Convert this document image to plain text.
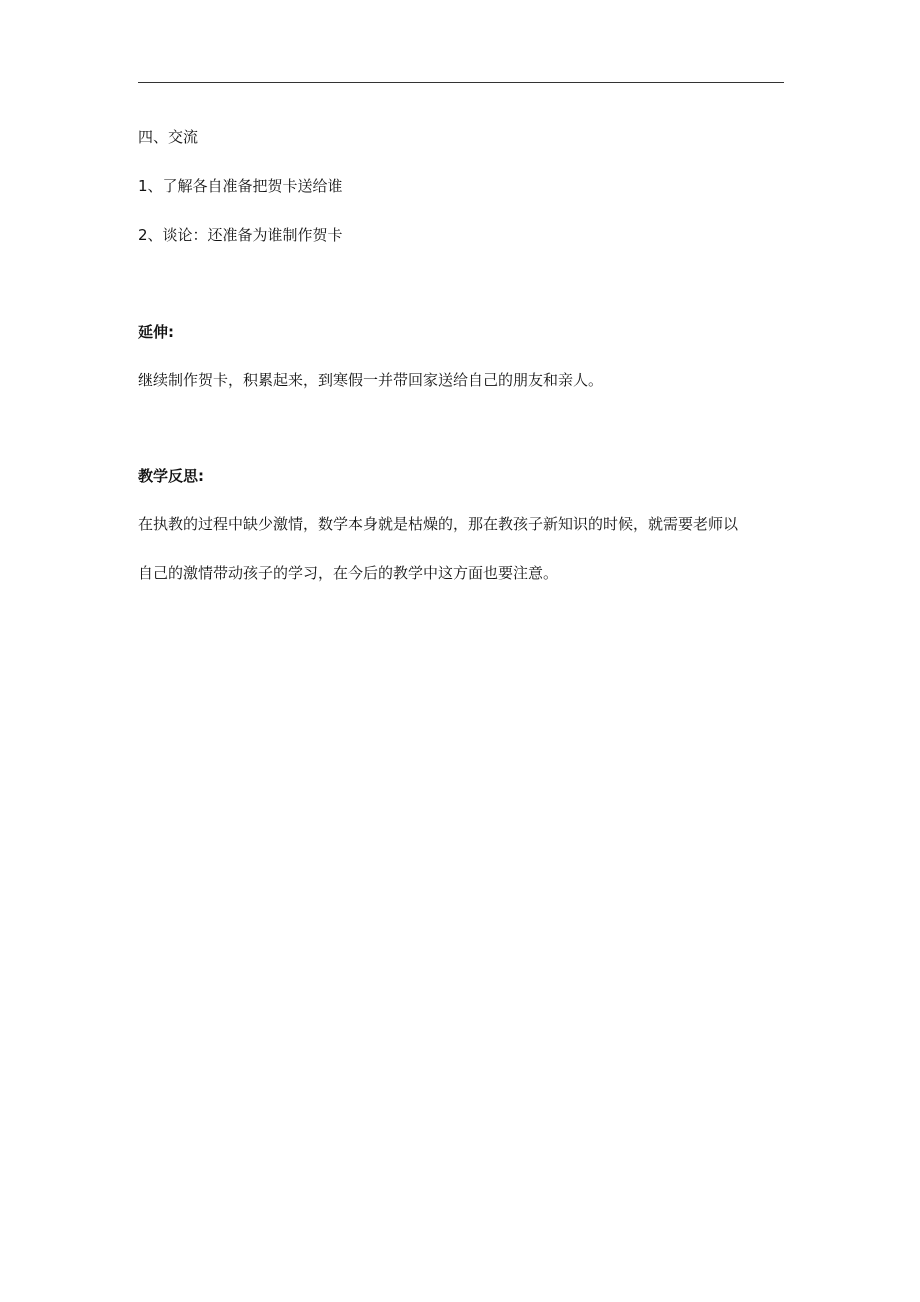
四、交流
1、了解各自准备把贺卡送给谁
2、谈论：还准备为谁制作贺卡
延伸:
继续制作贺卡，积累起来，到寒假一并带回家送给自己的朋友和亲人。
教学反思:
在执教的过程中缺少激情，数学本身就是枯燥的，那在教孩子新知识的时候，就需要老师以
自己的激情带动孩子的学习，在今后的教学中这方面也要注意。
